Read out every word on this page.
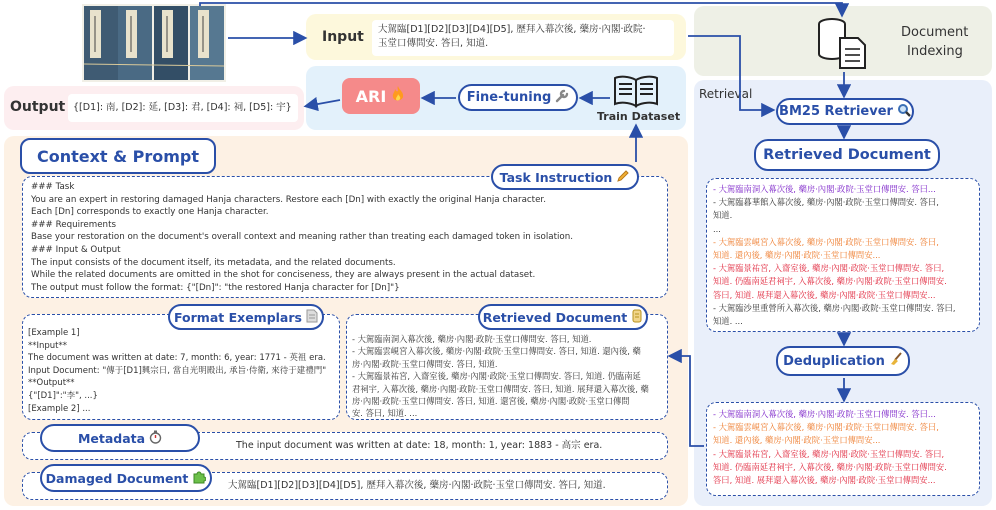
Input 大駕臨[D1][D2][D3][D4][D5], 歷拜入幕次後, 藥房·內閣·政院·
玉堂口傳問安. 答曰, 知道.
Document
Indexing
ARI	Fine-tuning
Train Dataset
Output {[D1]: 南, [D2]: 延, [D3]: 君, [D4]: 祠, [D5]: 宇}
Retrieval
BM25 Retriever
Retrieved Document
- 大駕臨南洞入幕次後, 藥房·內閣·政院·玉堂口傳問安. 答曰...
- 大駕臨暮華館入幕次後, 藥房·內閣·政院·玉堂口傳問安. 答曰,
知道.
...
- 大駕臨雲峴宮入幕次後, 藥房·內閣·政院·玉堂口傳問安. 答曰,
知道. 還內後, 藥房·內閣·政院·玉堂口傳問安...
- 大駕臨景祐宮, 入齋室後, 藥房·內閣·政院·玉堂口傳問安. 答曰,
知道. 仍臨南延君祠宇, 入幕次後, 藥房·內閣·政院·玉堂口傳問安.
答曰, 知道. 展拜還入幕次後, 藥房·內閣·政院·玉堂口傳問安...
- 大駕臨沙里重營所入幕次後, 藥房·內閣·政院·玉堂口傳問安. 答曰,
知道. ...
Deduplication
- 大駕臨南洞入幕次後, 藥房·內閣·政院·玉堂口傳問安. 答曰...
- 大駕臨雲峴宮入幕次後, 藥房·內閣·政院·玉堂口傳問安. 答曰,
知道. 還內後, 藥房·內閣·政院·玉堂口傳問安...
- 大駕臨景祐宮, 入齋室後, 藥房·內閣·政院·玉堂口傳問安. 答曰,
知道. 仍臨南延君祠宇, 入幕次後, 藥房·內閣·政院·玉堂口傳問安.
答曰, 知道. 展拜還入幕次後, 藥房·內閣·政院·玉堂口傳問安...
Context & Prompt
Task Instruction
### Task
You are an expert in restoring damaged Hanja characters. Restore each [Dn] with exactly the original Hanja character.
Each [Dn] corresponds to exactly one Hanja character.
### Requirements
Base your restoration on the document's overall context and meaning rather than treating each damaged token in isolation.
### Input & Output
The input consists of the document itself, its metadata, and the related documents.
While the related documents are omitted in the shot for conciseness, they are always present in the actual dataset.
The output must follow the format: {"[Dn]": "the restored Hanja character for [Dn]"}
Format Exemplars
[Example 1]
**Input**
The document was written at date: 7, month: 6, year: 1771 - 英祖 era.
Input Document: "傳于[D1]興宗日, 當自光明殿出, 承旨·侍衛, 來待于建禮門"
**Output**
{"[D1]":"李", ...}
[Example 2] ...
Retrieved Document
- 大駕臨南洞入幕次後, 藥房·內閣·政院·玉堂口傳問安. 答曰, 知道.
- 大駕臨雲峴宮入幕次後, 藥房·內閣·政院·玉堂口傳問安. 答曰, 知道. 還內後, 藥
房·內閣·政院·玉堂口傳問安. 答曰, 知道.
- 大駕臨景祐宮, 入齋室後, 藥房·內閣·政院·玉堂口傳問安. 答曰, 知道. 仍臨南延
君祠宇, 入幕次後, 藥房·內閣·政院·玉堂口傳問安. 答曰, 知道. 展拜還入幕次後, 藥
房·內閣·政院·玉堂口傳問安. 答曰, 知道. 還宮後, 藥房·內閣·政院·玉堂口傳問
安. 答曰, 知道. ...
Metadata	The input document was written at date: 18, month: 1, year: 1883 - 高宗 era.
Damaged Document	大駕臨[D1][D2][D3][D4][D5], 歷拜入幕次後, 藥房·內閣·政院·玉堂口傳問安. 答曰, 知道.
